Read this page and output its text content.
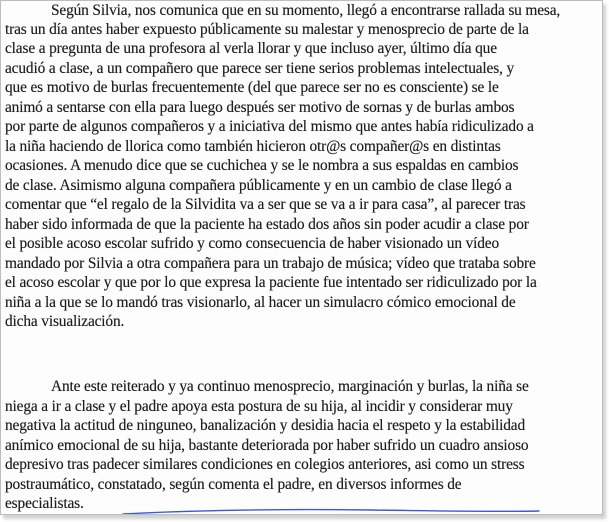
Según Silvia, nos comunica que en su momento, llegó a encontrarse rallada su mesa,
tras un día antes haber expuesto públicamente su malestar y menosprecio de parte de la
clase a pregunta de una profesora al verla llorar y que incluso ayer, último día que
acudió a clase, a un compañero que parece ser tiene serios problemas intelectuales, y
que es motivo de burlas frecuentemente (del que parece ser no es consciente) se le
animó a sentarse con ella para luego después ser motivo de sornas y de burlas ambos
por parte de algunos compañeros y a iniciativa del mismo que antes había ridiculizado a
la niña haciendo de llorica como también hicieron otr@s compañer@s en distintas
ocasiones. A menudo dice que se cuchichea y se le nombra a sus espaldas en cambios
de clase. Asimismo alguna compañera públicamente y en un cambio de clase llegó a
comentar que “el regalo de la Silvidita va a ser que se va a ir para casa”, al parecer tras
haber sido informada de que la paciente ha estado dos años sin poder acudir a clase por
el posible acoso escolar sufrido y como consecuencia de haber visionado un vídeo
mandado por Silvia a otra compañera para un trabajo de música; vídeo que trataba sobre
el acoso escolar y que por lo que expresa la paciente fue intentado ser ridiculizado por la
niña a la que se lo mandó tras visionarlo, al hacer un simulacro cómico emocional de
dicha visualización.
Ante este reiterado y ya continuo menosprecio, marginación y burlas, la niña se
niega a ir a clase y el padre apoya esta postura de su hija, al incidir y considerar muy
negativa la actitud de ninguneo, banalización y desidia hacia el respeto y la estabilidad
anímico emocional de su hija, bastante deteriorada por haber sufrido un cuadro ansioso
depresivo tras padecer similares condiciones en colegios anteriores, asi como un stress
postraumático, constatado, según comenta el padre, en diversos informes de
especialistas.
